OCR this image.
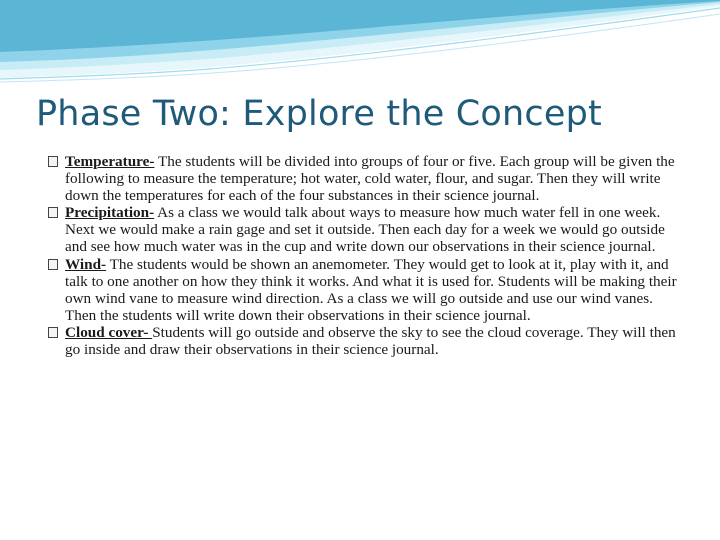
Phase Two: Explore the Concept

Temperature- The students will be divided into groups of four or five. Each group will be given the following to measure the temperature; hot water, cold water, flour, and sugar. Then they will write down the temperatures for each of the four substances in their science journal.

Precipitation- As a class we would talk about ways to measure how much water fell in one week. Next we would make a rain gage and set it outside. Then each day for a week we would go outside and see how much water was in the cup and write down our observations in their science journal.

Wind- The students would be shown an anemometer. They would get to look at it, play with it, and talk to one another on how they think it works. And what it is used for. Students will be making their own wind vane to measure wind direction. As a class we will go outside and use our wind vanes. Then the students will write down their observations in their science journal.

Cloud cover- Students will go outside and observe the sky to see the cloud coverage. They will then go inside and draw their observations in their science journal.
